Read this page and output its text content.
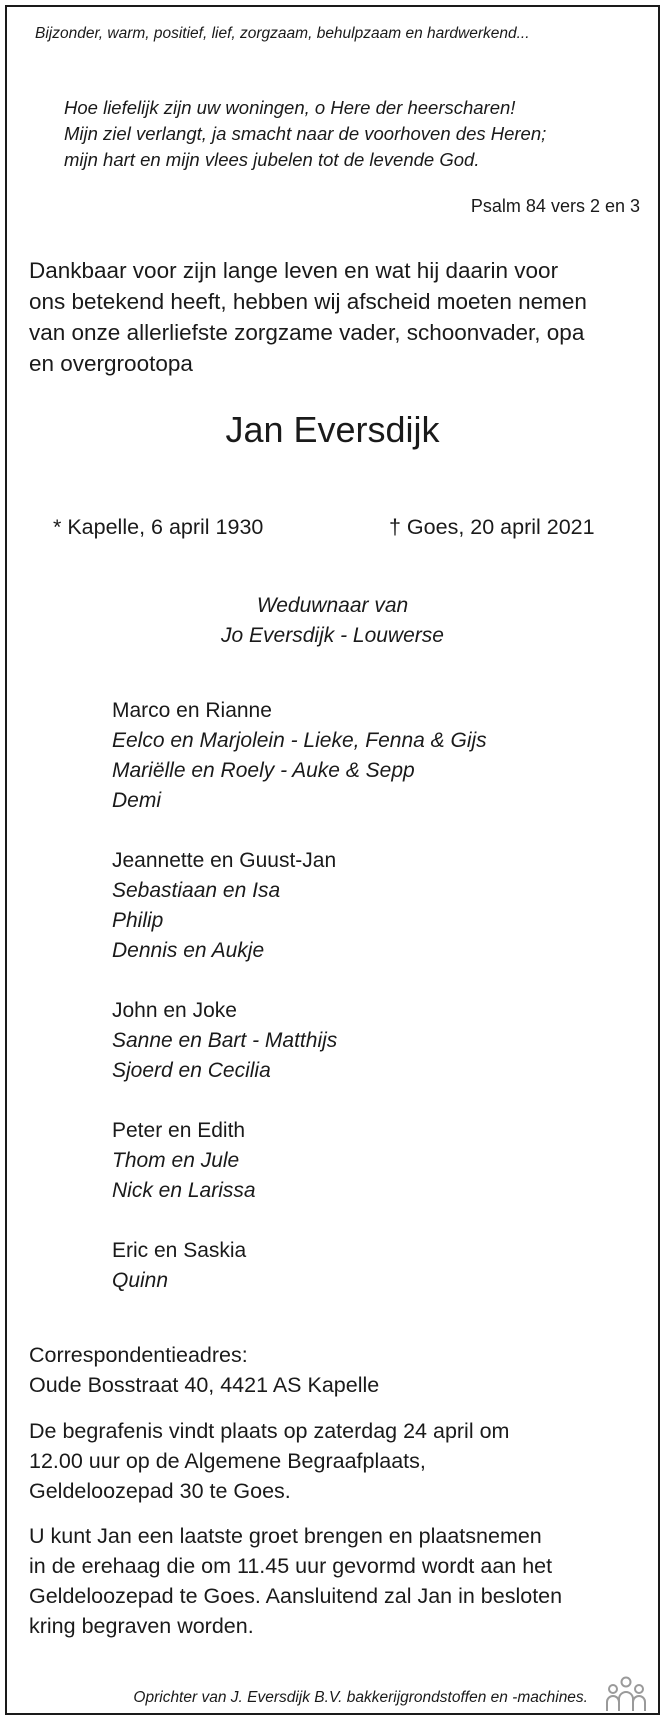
Bijzonder, warm, positief, lief, zorgzaam, behulpzaam en hardwerkend...
Hoe liefelijk zijn uw woningen, o Here der heerscharen!
Mijn ziel verlangt, ja smacht naar de voorhoven des Heren;
mijn hart en mijn vlees jubelen tot de levende God.
Psalm 84 vers 2 en 3
Dankbaar voor zijn lange leven en wat hij daarin voor
ons betekend heeft, hebben wij afscheid moeten nemen
van onze allerliefste zorgzame vader, schoonvader, opa
en overgrootopa
Jan Eversdijk
* Kapelle, 6 april 1930	† Goes, 20 april 2021
Weduwnaar van
Jo Eversdijk - Louwerse
Marco en Rianne
Eelco en Marjolein - Lieke, Fenna & Gijs
Mariëlle en Roely - Auke & Sepp
Demi
Jeannette en Guust-Jan
Sebastiaan en Isa
Philip
Dennis en Aukje
John en Joke
Sanne en Bart - Matthijs
Sjoerd en Cecilia
Peter en Edith
Thom en Jule
Nick en Larissa
Eric en Saskia
Quinn
Correspondentieadres:
Oude Bosstraat 40, 4421 AS Kapelle
De begrafenis vindt plaats op zaterdag 24 april om
12.00 uur op de Algemene Begraafplaats,
Geldeloozepad 30 te Goes.
U kunt Jan een laatste groet brengen en plaatsnemen
in de erehaag die om 11.45 uur gevormd wordt aan het
Geldeloozepad te Goes. Aansluitend zal Jan in besloten
kring begraven worden.
Oprichter van J. Eversdijk B.V. bakkerijgrondstoffen en -machines.
